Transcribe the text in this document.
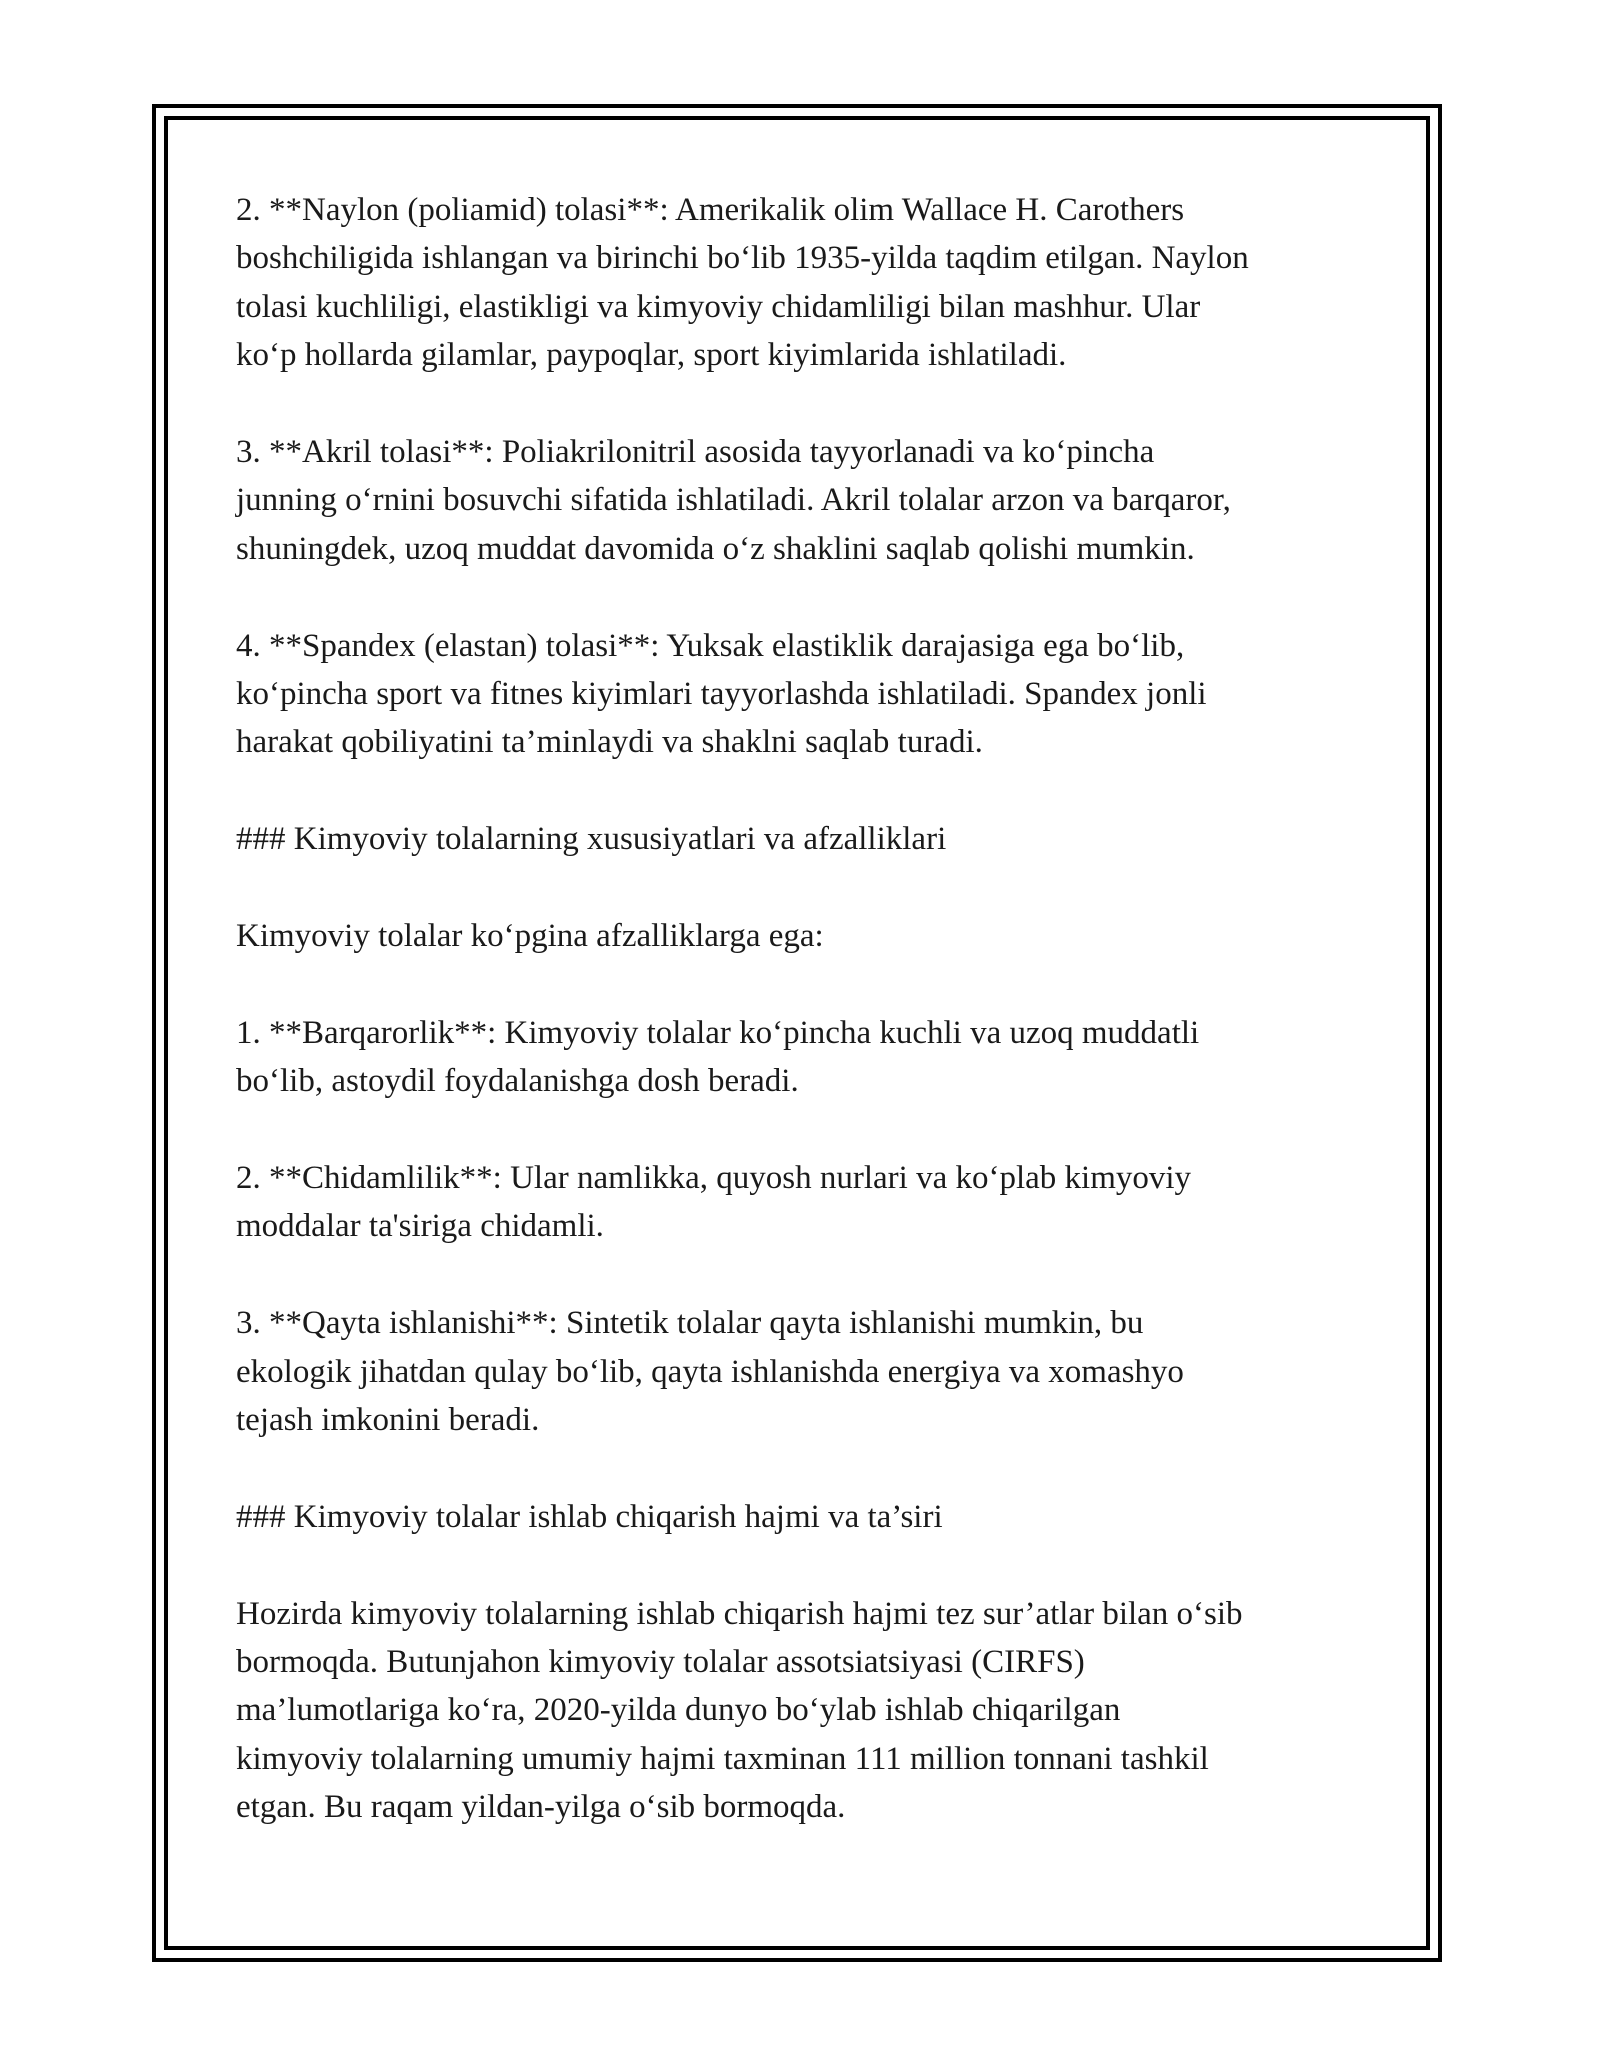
2. **Naylon (poliamid) tolasi**: Amerikalik olim Wallace H. Carothers
boshchiligida ishlangan va birinchi bo‘lib 1935-yilda taqdim etilgan. Naylon
tolasi kuchliligi, elastikligi va kimyoviy chidamliligi bilan mashhur. Ular
ko‘p hollarda gilamlar, paypoqlar, sport kiyimlarida ishlatiladi.

3. **Akril tolasi**: Poliakrilonitril asosida tayyorlanadi va ko‘pincha
junning o‘rnini bosuvchi sifatida ishlatiladi. Akril tolalar arzon va barqaror,
shuningdek, uzoq muddat davomida o‘z shaklini saqlab qolishi mumkin.

4. **Spandex (elastan) tolasi**: Yuksak elastiklik darajasiga ega bo‘lib,
ko‘pincha sport va fitnes kiyimlari tayyorlashda ishlatiladi. Spandex jonli
harakat qobiliyatini ta’minlaydi va shaklni saqlab turadi.

### Kimyoviy tolalarning xususiyatlari va afzalliklari

Kimyoviy tolalar ko‘pgina afzalliklarga ega:

1. **Barqarorlik**: Kimyoviy tolalar ko‘pincha kuchli va uzoq muddatli
bo‘lib, astoydil foydalanishga dosh beradi.

2. **Chidamlilik**: Ular namlikka, quyosh nurlari va ko‘plab kimyoviy
moddalar ta'siriga chidamli.

3. **Qayta ishlanishi**: Sintetik tolalar qayta ishlanishi mumkin, bu
ekologik jihatdan qulay bo‘lib, qayta ishlanishda energiya va xomashyo
tejash imkonini beradi.

### Kimyoviy tolalar ishlab chiqarish hajmi va ta’siri

Hozirda kimyoviy tolalarning ishlab chiqarish hajmi tez sur’atlar bilan o‘sib
bormoqda. Butunjahon kimyoviy tolalar assotsiatsiyasi (CIRFS)
ma’lumotlariga ko‘ra, 2020-yilda dunyo bo‘ylab ishlab chiqarilgan
kimyoviy tolalarning umumiy hajmi taxminan 111 million tonnani tashkil
etgan. Bu raqam yildan-yilga o‘sib bormoqda.
